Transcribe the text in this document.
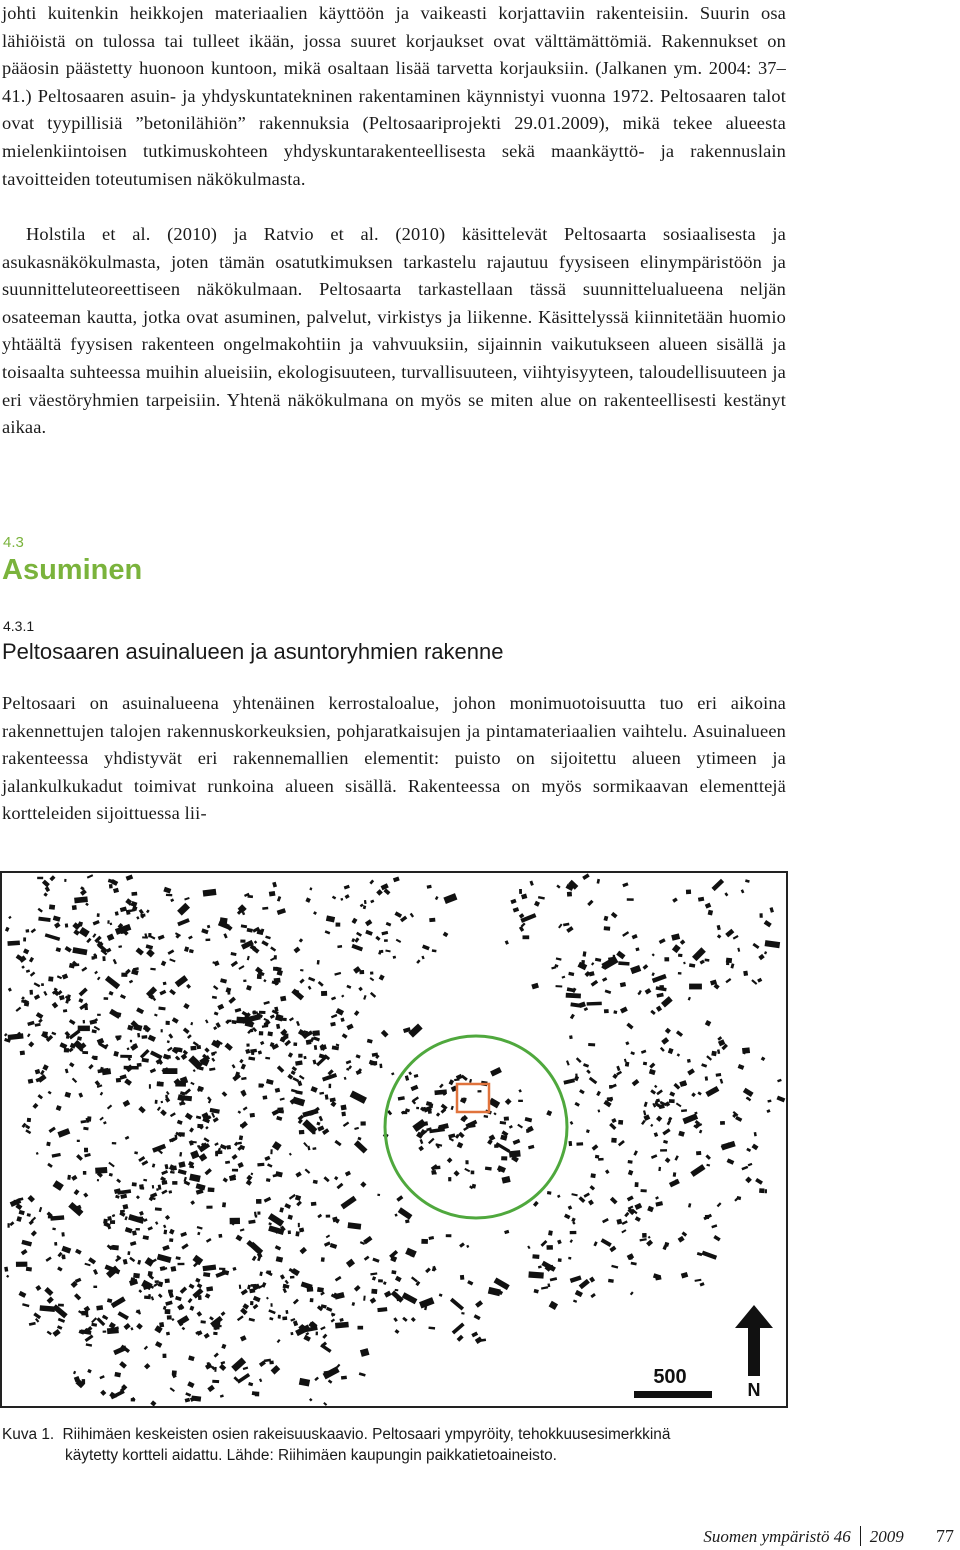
johti kuitenkin heikkojen materiaalien käyttöön ja vaikeasti korjattaviin rakenteisiin. Suurin osa lähiöistä on tulossa tai tulleet ikään, jossa suuret korjaukset ovat välttämättömiä. Rakennukset on pääosin päästetty huonoon kuntoon, mikä osaltaan lisää tarvetta korjauksiin. (Jalkanen ym. 2004: 37–41.) Peltosaaren asuin- ja yhdyskuntatekninen rakentaminen käynnistyi vuonna 1972. Peltosaaren talot ovat tyypillisiä ”betonilähiön” rakennuksia (Peltosaariprojekti 29.01.2009), mikä tekee alueesta mielenkiintoisen tutkimuskohteen yhdyskuntarakenteellisesta sekä maankäyttö- ja rakennuslain tavoitteiden toteutumisen näkökulmasta.

Holstila et al. (2010) ja Ratvio et al. (2010) käsittelevät Peltosaarta sosiaalisesta ja asukasnäkökulmasta, joten tämän osatutkimuksen tarkastelu rajautuu fyysiseen elinympäristöön ja suunnitteluteoreettiseen näkökulmaan. Peltosaarta tarkastellaan tässä suunnittelualueena neljän osateeman kautta, jotka ovat asuminen, palvelut, virkistys ja liikenne. Käsittelyssä kiinnitetään huomio yhtäältä fyysisen rakenteen ongelmakohtiin ja vahvuuksiin, sijainnin vaikutukseen alueen sisällä ja toisaalta suhteessa muihin alueisiin, ekologisuuteen, turvallisuuteen, viihtyisyyteen, taloudellisuuteen ja eri väestöryhmien tarpeisiin. Yhtenä näkökulmana on myös se miten alue on rakenteellisesti kestänyt aikaa.

4.3
Asuminen
4.3.1
Peltosaaren asuinalueen ja asuntoryhmien rakenne

Peltosaari on asuinalueena yhtenäinen kerrostaloalue, johon monimuotoisuutta tuo eri aikoina rakennettujen talojen rakennuskorkeuksien, pohjaratkaisujen ja pintamateriaalien vaihtelu. Asuinalueen rakenteessa yhdistyvät eri rakennemallien elementit: puisto on sijoitettu alueen ytimeen ja jalankulkukadut toimivat runkoina alueen sisällä. Rakenteessa on myös sormikaavan elementtejä kortteleiden sijoittuessa lii-

500
N

Kuva 1. Riihimäen keskeisten osien rakeisuuskaavio. Peltosaari ympyröity, tehokkuusesimerkkinä
käytetty kortteli aidattu. Lähde: Riihimäen kaupungin paikkatietoaineisto.

Suomen ympäristö 46 2009 77
